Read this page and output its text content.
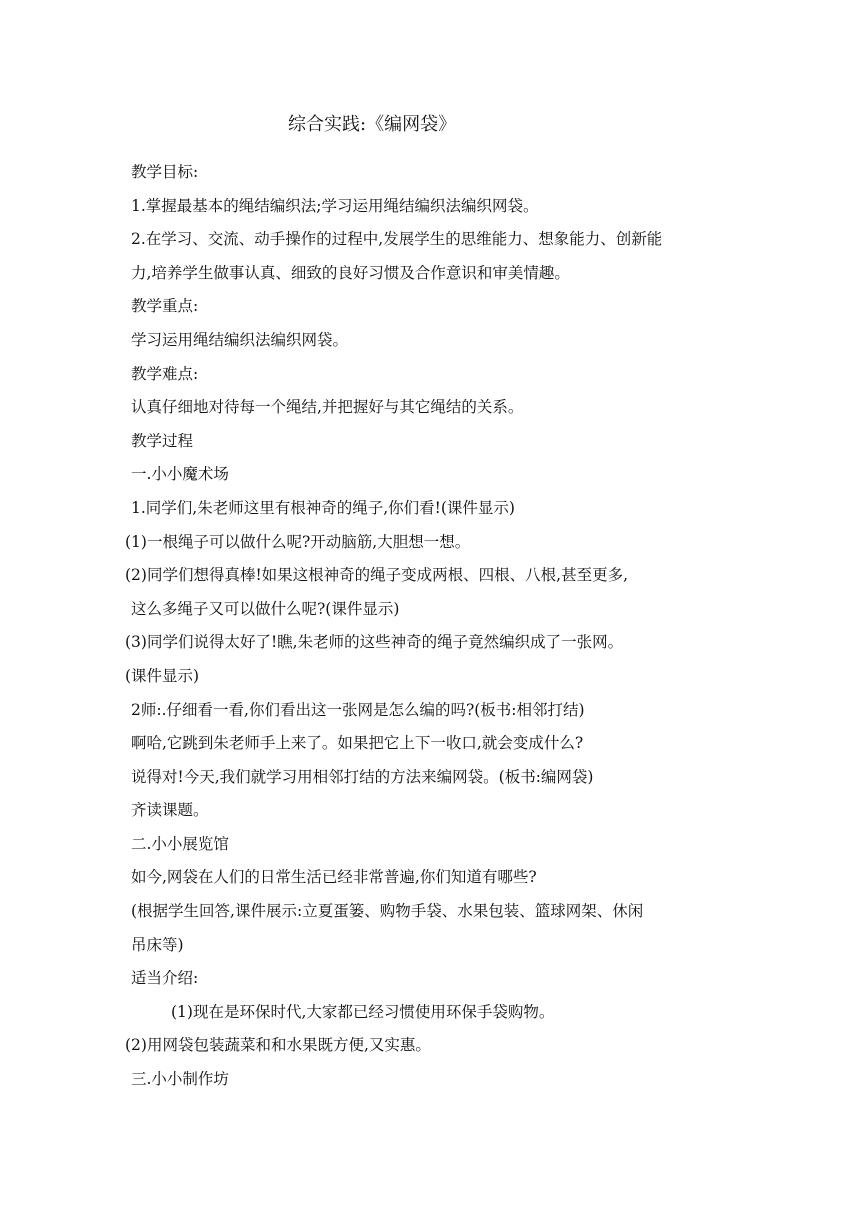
综合实践:《编网袋》
教学目标:
1.掌握最基本的绳结编织法;学习运用绳结编织法编织网袋。
2.在学习、交流、动手操作的过程中,发展学生的思维能力、想象能力、创新能
力,培养学生做事认真、细致的良好习惯及合作意识和审美情趣。
教学重点:
学习运用绳结编织法编织网袋。
教学难点:
认真仔细地对待每一个绳结,并把握好与其它绳结的关系。
教学过程
一.小小魔术场
1.同学们,朱老师这里有根神奇的绳子,你们看!(课件显示)
(1)一根绳子可以做什么呢?开动脑筋,大胆想一想。
(2)同学们想得真棒!如果这根神奇的绳子变成两根、四根、八根,甚至更多,
这么多绳子又可以做什么呢?(课件显示)
(3)同学们说得太好了!瞧,朱老师的这些神奇的绳子竟然编织成了一张网。
(课件显示)
2师:.仔细看一看,你们看出这一张网是怎么编的吗?(板书:相邻打结)
啊哈,它跳到朱老师手上来了。如果把它上下一收口,就会变成什么?
说得对!今天,我们就学习用相邻打结的方法来编网袋。(板书:编网袋)
齐读课题。
二.小小展览馆
如今,网袋在人们的日常生活已经非常普遍,你们知道有哪些?
(根据学生回答,课件展示:立夏蛋篓、购物手袋、水果包装、篮球网架、休闲
吊床等)
适当介绍:
(1)现在是环保时代,大家都已经习惯使用环保手袋购物。
(2)用网袋包装蔬菜和和水果既方便,又实惠。
三.小小制作坊
